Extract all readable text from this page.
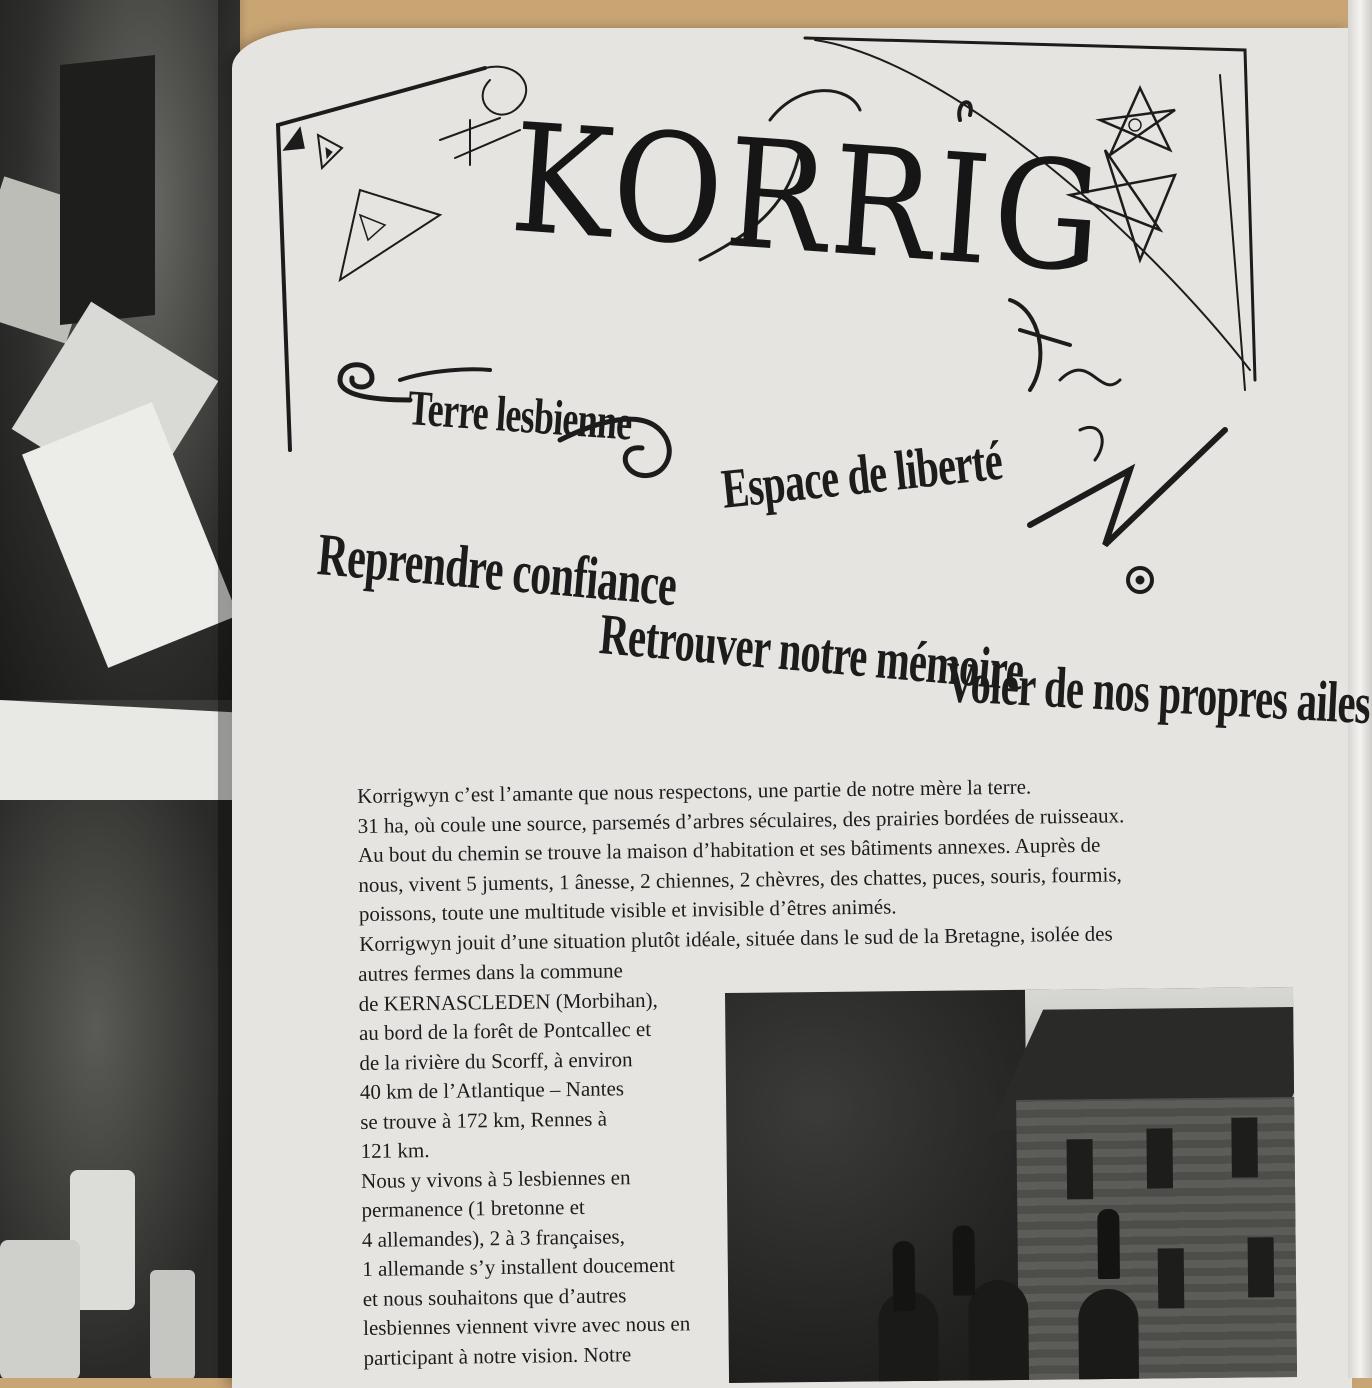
KORRIG
Terre lesbienne
Espace de liberté
Reprendre confiance
Retrouver notre mémoire
Voler de nos propres ailes

Korrigwyn c’est l’amante que nous respectons, une partie de notre mère la terre.

31 ha, où coule une source, parsemés d’arbres séculaires, des prairies bordées de ruisseaux.

Au bout du chemin se trouve la maison d’habitation et ses bâtiments annexes. Auprès de

nous, vivent 5 juments, 1 ânesse, 2 chiennes, 2 chèvres, des chattes, puces, souris, fourmis,

poissons, toute une multitude visible et invisible d’êtres animés.

Korrigwyn jouit d’une situation plutôt idéale, située dans le sud de la Bretagne, isolée des

autres fermes dans la commune

de KERNASCLEDEN (Morbihan),

au bord de la forêt de Pontcallec et

de la rivière du Scorff, à environ

40 km de l’Atlantique – Nantes

se trouve à 172 km, Rennes à

121 km.

Nous y vivons à 5 lesbiennes en

permanence (1 bretonne et

4 allemandes), 2 à 3 françaises,

1 allemande s’y installent doucement

et nous souhaitons que d’autres

lesbiennes viennent vivre avec nous en

participant à notre vision. Notre
